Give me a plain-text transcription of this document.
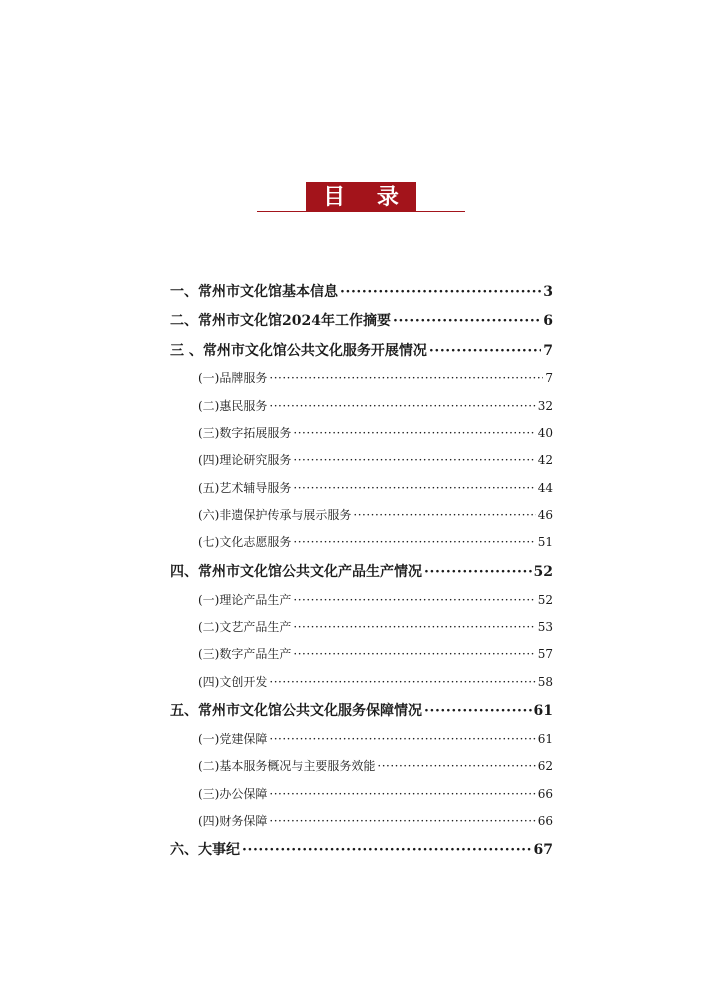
目 录
一、常州市文化馆基本信息 ·····	3
二、常州市文化馆2024年工作摘要 ·····	6
三 、常州市文化馆公共文化服务开展情况 ·····	7
(一)品牌服务 ·····	7
(二)惠民服务 ·····	32
(三)数字拓展服务 ·····	40
(四)理论研究服务 ·····	42
(五)艺术辅导服务 ·····	44
(六)非遗保护传承与展示服务 ·····	46
(七)文化志愿服务 ·····	51
四、常州市文化馆公共文化产品生产情况 ·····	52
(一)理论产品生产 ·····	52
(二)文艺产品生产 ·····	53
(三)数字产品生产 ·····	57
(四)文创开发 ·····	58
五、常州市文化馆公共文化服务保障情况 ·····	61
(一)党建保障 ·····	61
(二)基本服务概况与主要服务效能 ·····	62
(三)办公保障 ·····	66
(四)财务保障 ·····	66
六、大事纪 ·····	67
